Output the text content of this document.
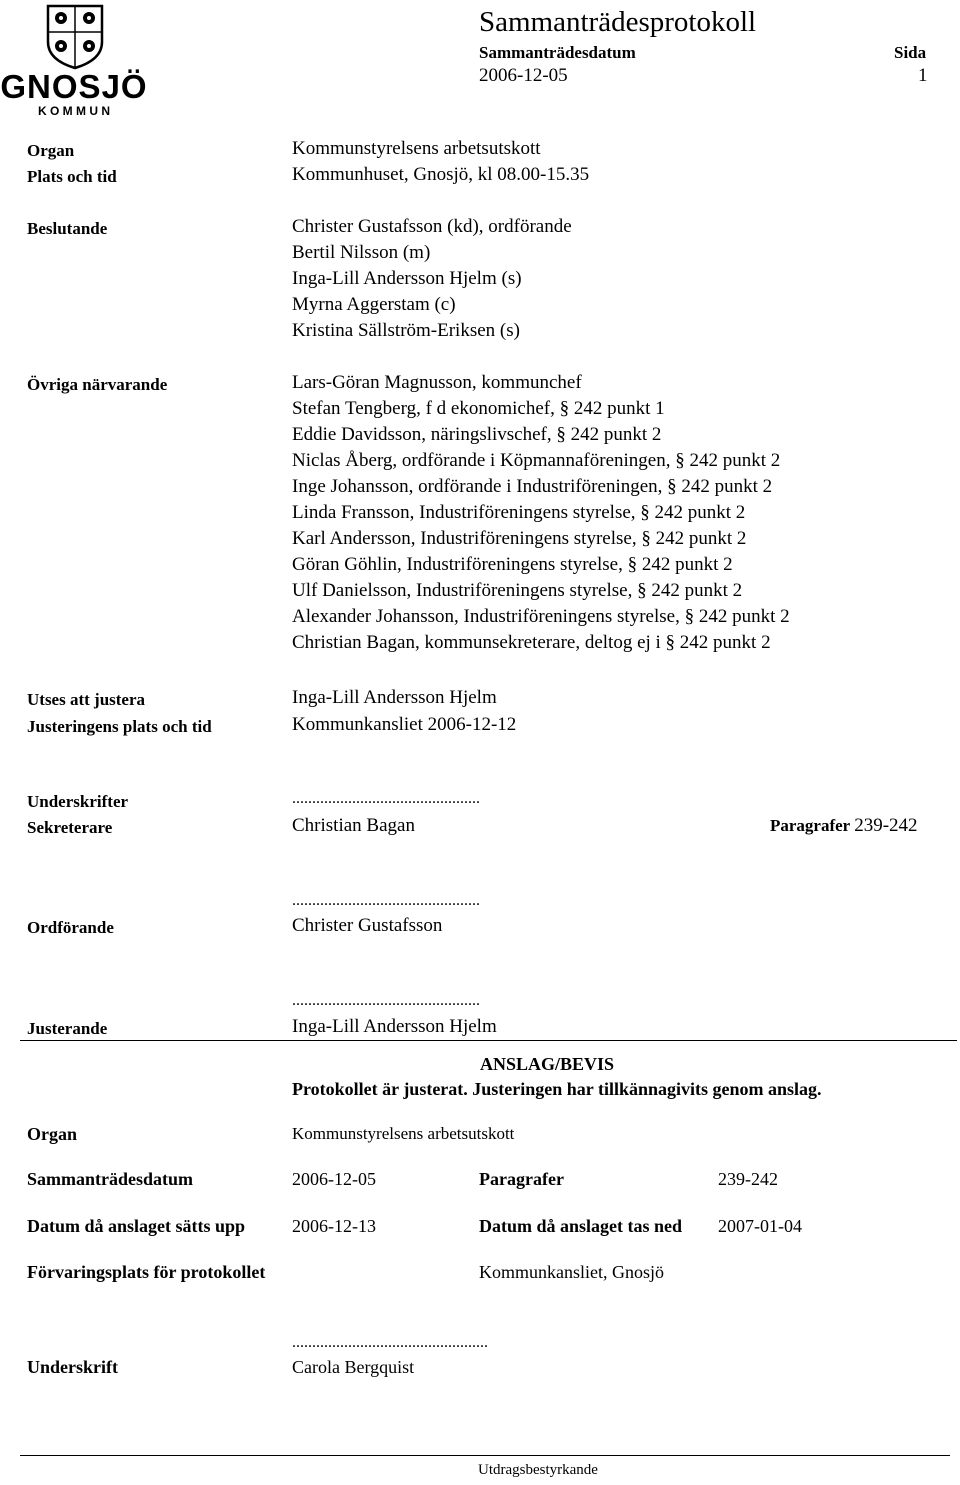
GNOSJÖ
K O M M U N
Sammanträdesprotokoll
Sammanträdesdatum	Sida
2006-12-05	1
Organ	Kommunstyrelsens arbetsutskott
Plats och tid	Kommunhuset, Gnosjö, kl 08.00-15.35
Beslutande	Christer Gustafsson (kd), ordförande
Bertil Nilsson (m)
Inga-Lill Andersson Hjelm (s)
Myrna Aggerstam (c)
Kristina Sällström-Eriksen (s)
Övriga närvarande	Lars-Göran Magnusson, kommunchef
Stefan Tengberg, f d ekonomichef, § 242 punkt 1
Eddie Davidsson, näringslivschef, § 242 punkt 2
Niclas Åberg, ordförande i Köpmannaföreningen, § 242 punkt 2
Inge Johansson, ordförande i Industriföreningen, § 242 punkt 2
Linda Fransson, Industriföreningens styrelse, § 242 punkt 2
Karl Andersson, Industriföreningens styrelse, § 242 punkt 2
Göran Göhlin, Industriföreningens styrelse, § 242 punkt 2
Ulf Danielsson, Industriföreningens styrelse, § 242 punkt 2
Alexander Johansson, Industriföreningens styrelse, § 242 punkt 2
Christian Bagan, kommunsekreterare, deltog ej i § 242 punkt 2
Utses att justera	Inga-Lill Andersson Hjelm
Justeringens plats och tid	Kommunkansliet 2006-12-12
Underskrifter	...............................................
Sekreterare	Christian Bagan	Paragrafer 239-242
...............................................
Ordförande	Christer Gustafsson
...............................................
Justerande	Inga-Lill Andersson Hjelm
ANSLAG/BEVIS
Protokollet är justerat. Justeringen har tillkännagivits genom anslag.
Organ	Kommunstyrelsens arbetsutskott
Sammanträdesdatum	2006-12-05	Paragrafer	239-242
Datum då anslaget sätts upp	2006-12-13	Datum då anslaget tas ned 2007-01-04
Förvaringsplats för protokollet	Kommunkansliet, Gnosjö
.................................................
Underskrift	Carola Bergquist
Utdragsbestyrkande
